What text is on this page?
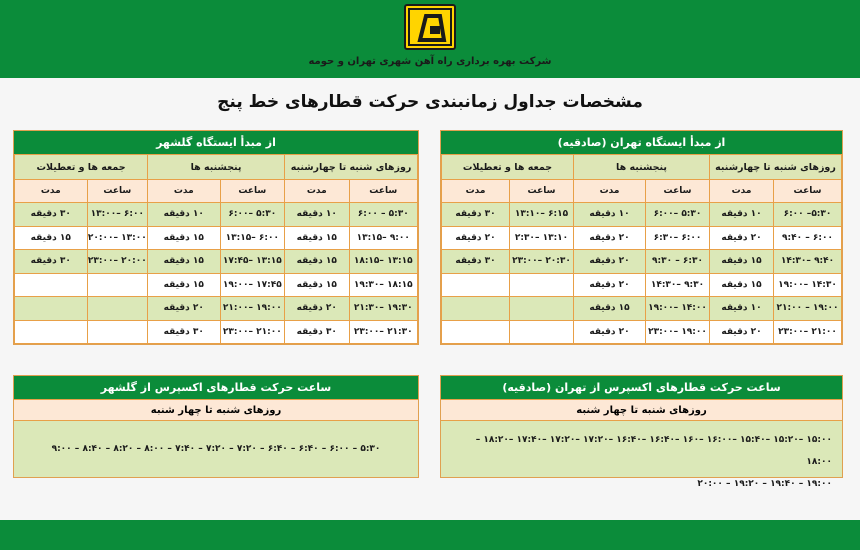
شرکت بهره برداری راه آهن شهری تهران و حومه
مشخصات جداول زمانبندی حرکت قطارهای خط پنج
از مبدأ ایستگاه تهران (صادقیه)
روزهای شنبه تا چهارشنبه		پنجشنبه ها		جمعه ها و تعطیلات	
ساعت	مدت	ساعت	مدت	ساعت	مدت
۵:۳۰– ۶:۰۰	۱۰ دقیقه	۵:۳۰ –۶:۰۰	۱۰ دقیقه	۶:۱۵ –۱۳:۱۰	۳۰ دقیقه
۶:۰۰ – ۹:۴۰	۲۰ دقیقه	۶:۰۰ –۶:۳۰	۲۰ دقیقه	۱۳:۱۰ –۲:۳۰	۲۰ دقیقه
۹:۴۰ –۱۴:۳۰	۱۵ دقیقه	۶:۳۰ – ۹:۳۰	۲۰ دقیقه	۲۰:۳۰ –۲۳:۰۰	۳۰ دقیقه
۱۴:۳۰ –۱۹:۰۰	۱۵ دقیقه	۹:۳۰ –۱۴:۳۰	۲۰ دقیقه		
۱۹:۰۰ – ۲۱:۰۰	۱۰ دقیقه	۱۴:۰۰ –۱۹:۰۰	۱۵ دقیقه		
۲۱:۰۰ –۲۳:۰۰	۲۰ دقیقه	۱۹:۰۰ –۲۳:۰۰	۲۰ دقیقه		
از مبدأ ایستگاه گلشهر
روزهای شنبه تا چهارشنبه		پنجشنبه ها		جمعه ها و تعطیلات	
ساعت	مدت	ساعت	مدت	ساعت	مدت
۵:۳۰ – ۶:۰۰	۱۰ دقیقه	۵:۳۰ –۶:۰۰	۱۰ دقیقه	۶:۰۰ –۱۳:۰۰	۳۰ دقیقه
۹:۰۰ –۱۳:۱۵	۱۵ دقیقه	۶:۰۰ –۱۳:۱۵	۱۵ دقیقه	۱۳:۰۰ –۲۰:۰۰	۱۵ دقیقه
۱۳:۱۵ –۱۸:۱۵	۱۵ دقیقه	۱۳:۱۵ –۱۷:۴۵	۱۵ دقیقه	۲۰:۰۰ –۲۳:۰۰	۳۰ دقیقه
۱۸:۱۵ –۱۹:۳۰	۱۵ دقیقه	۱۷:۴۵ –۱۹:۰۰	۱۵ دقیقه		
۱۹:۳۰ –۲۱:۳۰	۲۰ دقیقه	۱۹:۰۰ –۲۱:۰۰	۲۰ دقیقه		
۲۱:۳۰ –۲۳:۰۰	۳۰ دقیقه	۲۱:۰۰ –۲۳:۰۰	۳۰ دقیقه		
ساعت حرکت قطارهای اکسپرس از تهران (صادقیه)
روزهای شنبه تا چهار شنبه
۱۵:۰۰ –۱۵:۲۰ –۱۵:۴۰ –۱۶:۰۰ –۱۶۰ –۱۶:۴۰ –۱۶:۴۰ –۱۷:۲۰ –۱۷:۲۰ –۱۷:۴۰ –۱۸:۲۰ –۱۸:۰۰
۱۹:۰۰ – ۱۹:۴۰ – ۱۹:۲۰ – ۲۰:۰۰
ساعت حرکت قطارهای اکسپرس از گلشهر
روزهای شنبه تا چهار شنبه
۵:۳۰ – ۶:۰۰ – ۶:۴۰ – ۶:۴۰ – ۷:۲۰ – ۷:۲۰ – ۷:۴۰ – ۸:۰۰ – ۸:۲۰ – ۸:۴۰ – ۹:۰۰
